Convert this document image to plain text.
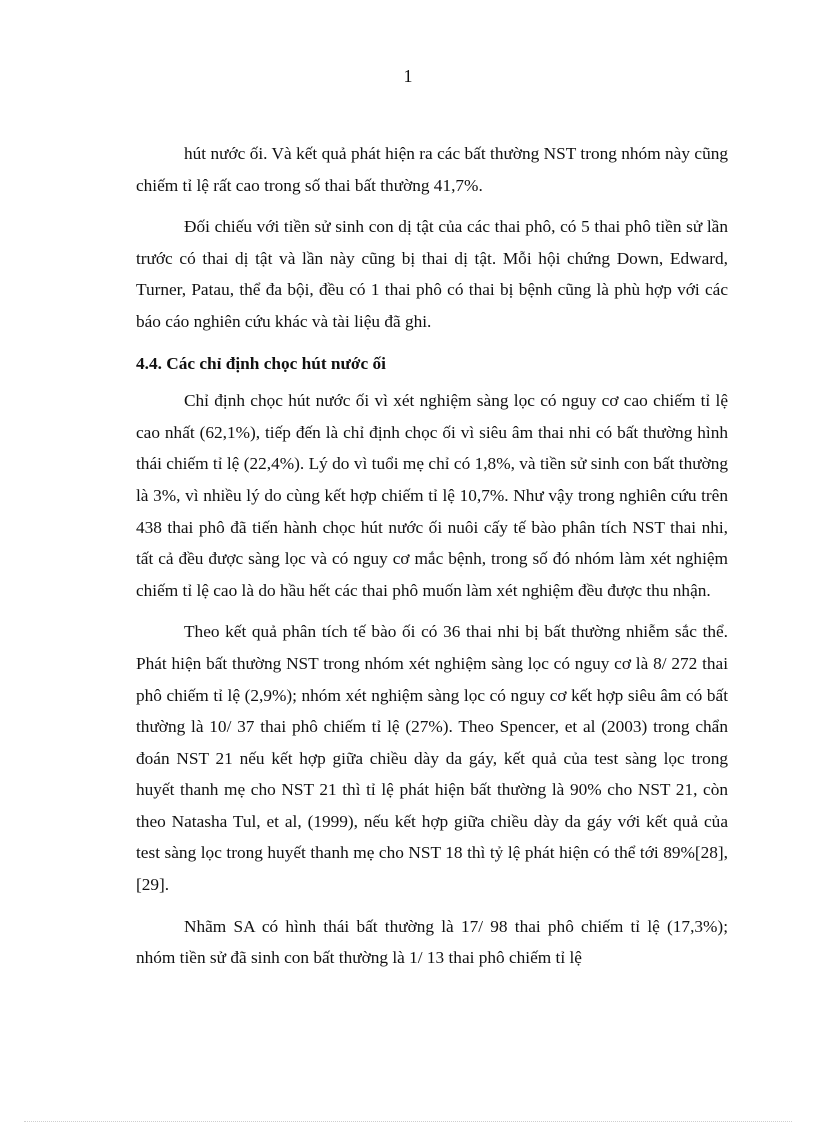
1

hút nước ối. Và kết quả phát hiện ra các bất thường NST trong nhóm này cũng chiếm tỉ lệ rất cao trong số thai bất thường 41,7%.

Đối chiếu với tiền sử sinh con dị tật của các thai phô, có 5 thai phô tiền sử lần trước có thai dị tật và lần này cũng bị thai dị tật. Mỗi hội chứng Down, Edward, Turner, Patau, thể đa bội, đều có 1 thai phô có thai bị bệnh cũng là phù hợp với các báo cáo nghiên cứu khác và tài liệu đã ghi.

4.4. Các chỉ định chọc hút nước ối

Chỉ định chọc hút nước ối vì xét nghiệm sàng lọc có nguy cơ cao chiếm tỉ lệ cao nhất (62,1%), tiếp đến là chỉ định chọc ối vì siêu âm thai nhi có bất thường hình thái chiếm tỉ lệ (22,4%). Lý do vì tuổi mẹ chỉ có 1,8%, và tiền sử sinh con bất thường là 3%, vì nhiều lý do cùng kết hợp chiếm tỉ lệ 10,7%. Như vậy trong nghiên cứu trên 438 thai phô đã tiến hành chọc hút nước ối nuôi cấy tế bào phân tích NST thai nhi, tất cả đều được sàng lọc và có nguy cơ mắc bệnh, trong số đó nhóm làm xét nghiệm chiếm tỉ lệ cao là do hầu hết các thai phô muốn làm xét nghiệm đều được thu nhận.

Theo kết quả phân tích tế bào ối có 36 thai nhi bị bất thường nhiễm sắc thể. Phát hiện bất thường NST trong nhóm xét nghiệm sàng lọc có nguy cơ là 8/ 272 thai phô chiếm tỉ lệ (2,9%); nhóm xét nghiệm sàng lọc có nguy cơ kết hợp siêu âm có bất thường là 10/ 37 thai phô chiếm tỉ lệ (27%). Theo Spencer, et al (2003) trong chẩn đoán NST 21 nếu kết hợp giữa chiều dày da gáy, kết quả của test sàng lọc trong huyết thanh mẹ cho NST 21 thì tỉ lệ phát hiện bất thường là 90% cho NST 21, còn theo Natasha Tul, et al, (1999), nếu kết hợp giữa chiều dày da gáy với kết quả của test sàng lọc trong huyết thanh mẹ cho NST 18 thì tỷ lệ phát hiện có thể tới 89%[28], [29].

Nhãm SA có hình thái bất thường là 17/ 98 thai phô chiếm tỉ lệ (17,3%); nhóm tiền sử đã sinh con bất thường là 1/ 13 thai phô chiếm tỉ lệ
